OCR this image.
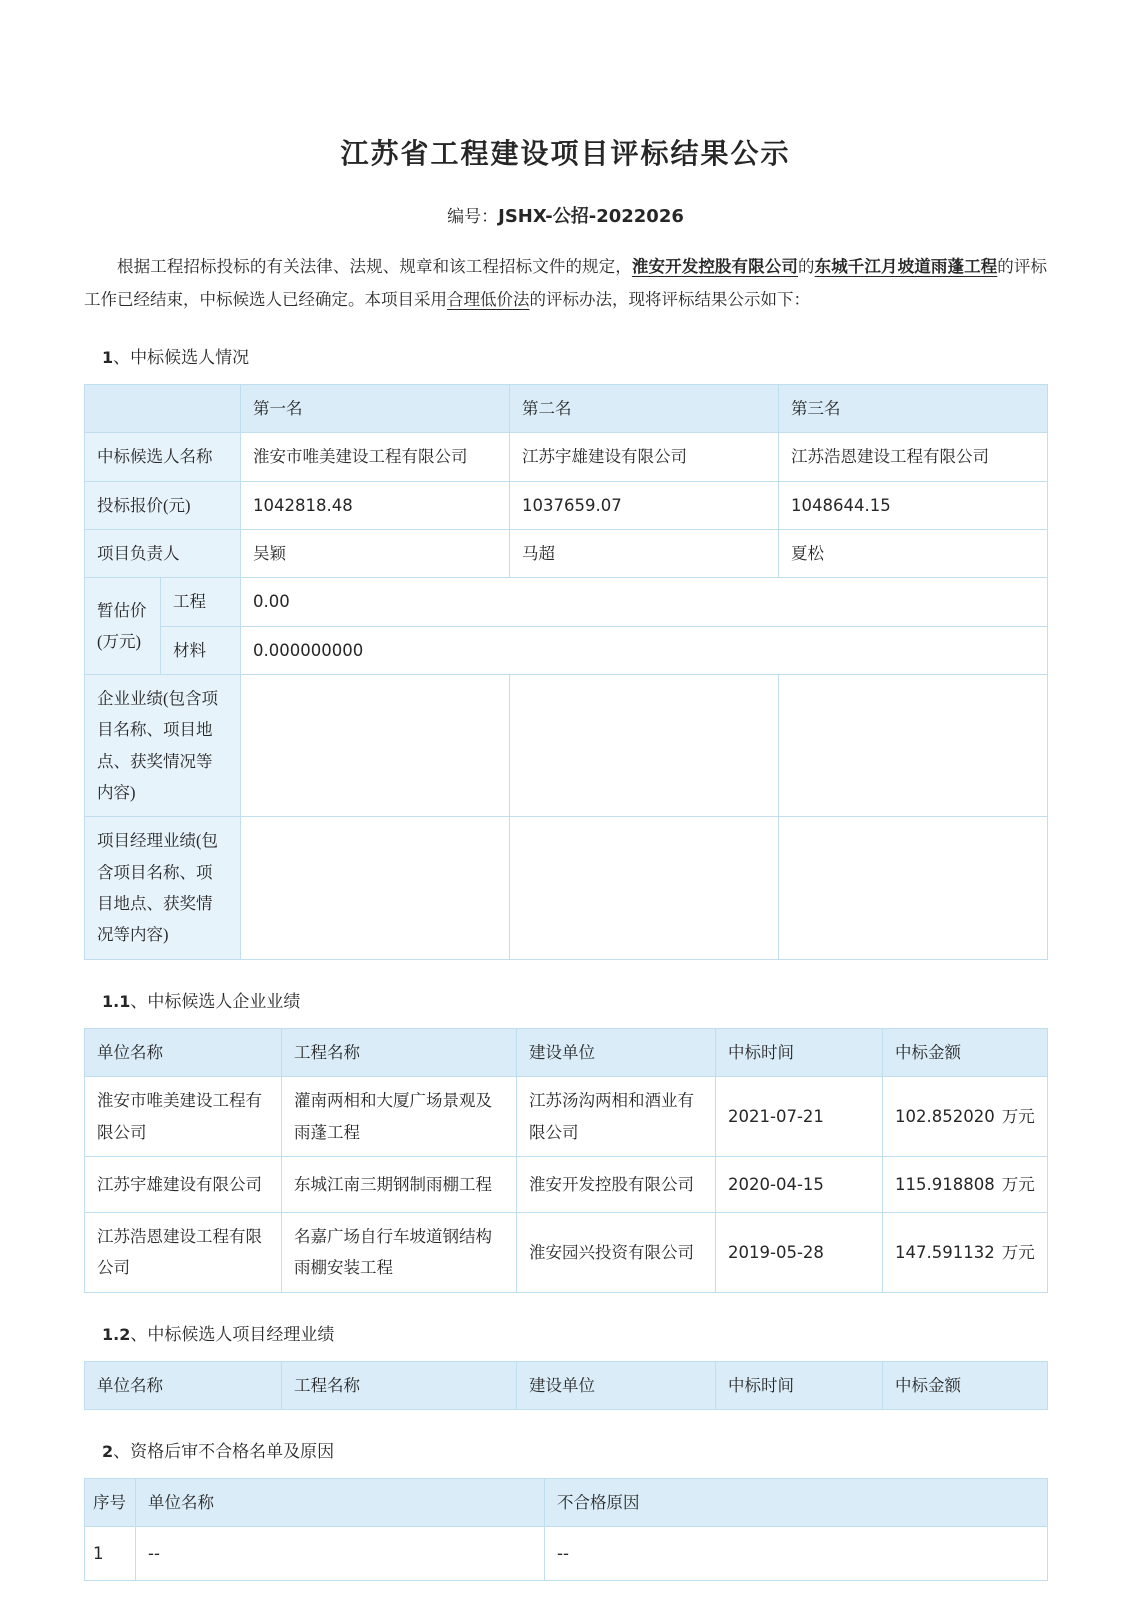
江苏省工程建设项目评标结果公示
编号：JSHX-公招-2022026

根据工程招标投标的有关法律、法规、规章和该工程招标文件的规定，淮安开发控股有限公司的东城千江月坡道雨蓬工程的评标工作已经结束，中标候选人已经确定。本项目采用合理低价法的评标办法，现将评标结果公示如下：

1、中标候选人情况
		第一名	第二名	第三名
中标候选人名称		淮安市唯美建设工程有限公司	江苏宇雄建设有限公司	江苏浩恩建设工程有限公司
投标报价(元)		1042818.48	1037659.07	1048644.15
项目负责人		吴颖	马超	夏松

暂估价
(万元)	工程	0.00		
	材料	0.000000000		
企业业绩(包含项目名称、项目地点、获奖情况等内容)				
项目经理业绩(包含项目名称、项目地点、获奖情况等内容)				
1.1、中标候选人企业业绩
单位名称	工程名称	建设单位	中标时间	中标金额
淮安市唯美建设工程有限公司	灌南两相和大厦广场景观及雨蓬工程	江苏汤沟两相和酒业有限公司	2021-07-21	102.852020 万元
江苏宇雄建设有限公司	东城江南三期钢制雨棚工程	淮安开发控股有限公司	2020-04-15	115.918808 万元
江苏浩恩建设工程有限公司	名嘉广场自行车坡道钢结构雨棚安装工程	淮安园兴投资有限公司	2019-05-28	147.591132 万元
1.2、中标候选人项目经理业绩
单位名称	工程名称	建设单位	中标时间	中标金额
2、资格后审不合格名单及原因
序号	单位名称	不合格原因
1	--	--
